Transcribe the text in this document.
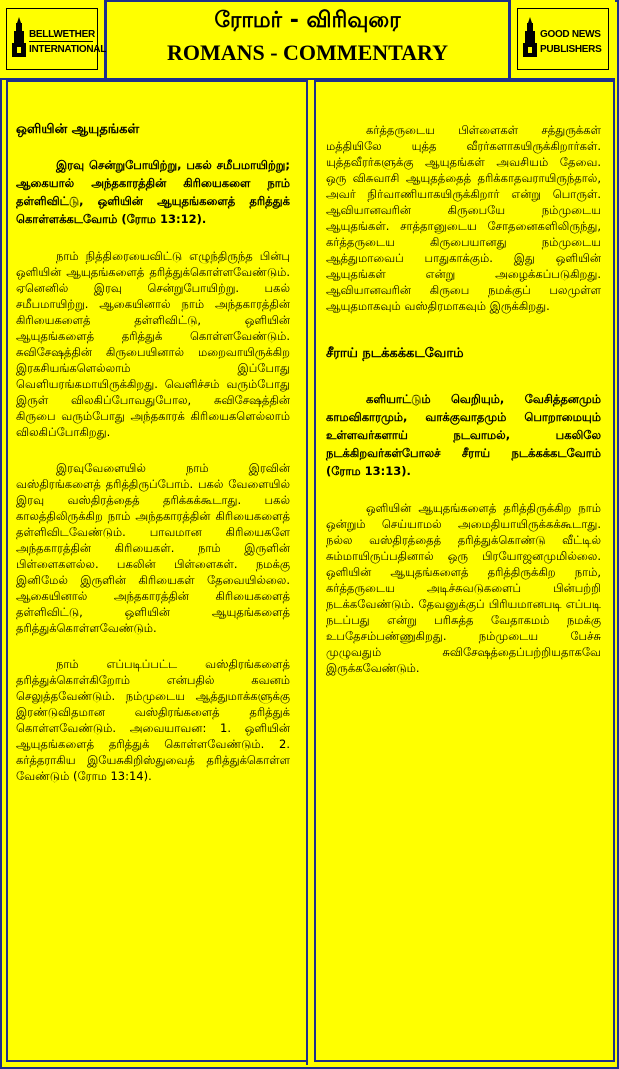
BELLWETHER
INTERNATIONAL
ரோமர் - விரிவுரை
ROMANS - COMMENTARY
GOOD NEWS
PUBLISHERS

ஒளியின் ஆயுதங்கள்

இரவு சென்றுபோயிற்று, பகல் சமீபமாயிற்று; ஆகையால் அந்தகாரத்தின் கிரியைகளை நாம் தள்ளிவிட்டு, ஒளியின் ஆயுதங்களைத் தரித்துக் கொள்ளக்கடவோம் (ரோம 13:12).

நாம் நித்திரையைவிட்டு எழுந்திருந்த பின்பு ஒளியின் ஆயுதங்களைத் தரித்துக்கொள்ளவேண்டும். ஏனெனில் இரவு சென்றுபோயிற்று. பகல் சமீபமாயிற்று. ஆகையினால் நாம் அந்தகாரத்தின் கிரியைகளைத் தள்ளிவிட்டு, ஒளியின் ஆயுதங்களைத் தரித்துக் கொள்ளவேண்டும். சுவிசேஷத்தின் கிருபையினால் மறைவாயிருக்கிற இரகசியங்களெல்லாம் இப்போது வெளியரங்கமாயிருக்கிறது. வெளிச்சம் வரும்போது இருள் விலகிப்போவதுபோல, சுவிசேஷத்தின் கிருபை வரும்போது அந்தகாரக் கிரியைகளெல்லாம் விலகிப்போகிறது.

இரவுவேளையில் நாம் இரவின் வஸ்திரங்களைத் தரித்திருப்போம். பகல் வேளையில் இரவு வஸ்திரத்தைத் தரிக்கக்கூடாது. பகல் காலத்திலிருக்கிற நாம் அந்தகாரத்தின் கிரியைகளைத் தள்ளிவிடவேண்டும். பாவமான கிரியைகளே அந்தகாரத்தின் கிரியைகள். நாம் இருளின் பிள்ளைகளல்ல. பகலின் பிள்ளைகள். நமக்கு இனிமேல் இருளின் கிரியைகள் தேவையில்லை. ஆகையினால் அந்தகாரத்தின் கிரியைகளைத் தள்ளிவிட்டு, ஒளியின் ஆயுதங்களைத் தரித்துக்கொள்ளவேண்டும்.

நாம் எப்படிப்பட்ட வஸ்திரங்களைத் தரித்துக்கொள்கிறோம் என்பதில் கவனம் செலுத்தவேண்டும். நம்முடைய ஆத்துமாக்களுக்கு இரண்டுவிதமான வஸ்திரங்களைத் தரித்துக் கொள்ளவேண்டும். அவையாவன: 1. ஒளியின் ஆயுதங்களைத் தரித்துக் கொள்ளவேண்டும். 2. கர்த்தராகிய இயேசுகிறிஸ்துவைத் தரித்துக்கொள்ள வேண்டும் (ரோம 13:14).

கர்த்தருடைய பிள்ளைகள் சத்துருக்கள் மத்தியிலே யுத்த வீரர்களாகயிருக்கிறார்கள். யுத்தவீரர்களுக்கு ஆயுதங்கள் அவசியம் தேவை. ஒரு விசுவாசி ஆயுதத்தைத் தரிக்காதவராயிருந்தால், அவர் நிர்வாணியாகயிருக்கிறார் என்று பொருள். ஆவியானவரின் கிருபையே நம்முடைய ஆயுதங்கள். சாத்தானுடைய சோதனைகளிலிருந்து, கர்த்தருடைய கிருபையானது நம்முடைய ஆத்துமாவைப் பாதுகாக்கும். இது ஒளியின் ஆயுதங்கள் என்று அழைக்கப்படுகிறது. ஆவியானவரின் கிருபை நமக்குப் பலமுள்ள ஆயுதமாகவும் வஸ்திரமாகவும் இருக்கிறது.

சீராய் நடக்கக்கடவோம்

களியாட்டும் வெறியும், வேசித்தனமும் காமவிகாரமும், வாக்குவாதமும் பொறாமையும் உள்ளவர்களாய் நடவாமல், பகலிலே நடக்கிறவர்கள்போலச் சீராய் நடக்கக்கடவோம் (ரோம 13:13).

ஒளியின் ஆயுதங்களைத் தரித்திருக்கிற நாம் ஒன்றும் செய்யாமல் அமைதியாயிருக்கக்கூடாது. நல்ல வஸ்திரத்தைத் தரித்துக்கொண்டு வீட்டில் சும்மாயிருப்பதினால் ஒரு பிரயோஜனமுமில்லை. ஒளியின் ஆயுதங்களைத் தரித்திருக்கிற நாம், கர்த்தருடைய அடிச்சுவடுகளைப் பின்பற்றி நடக்கவேண்டும். தேவனுக்குப் பிரியமானபடி எப்படி நடப்பது என்று பரிசுத்த வேதாகமம் நமக்கு உபதேசம்பண்ணுகிறது. நம்முடைய பேச்சு முழுவதும் சுவிசேஷத்தைப்பற்றியதாகவே இருக்கவேண்டும்.
